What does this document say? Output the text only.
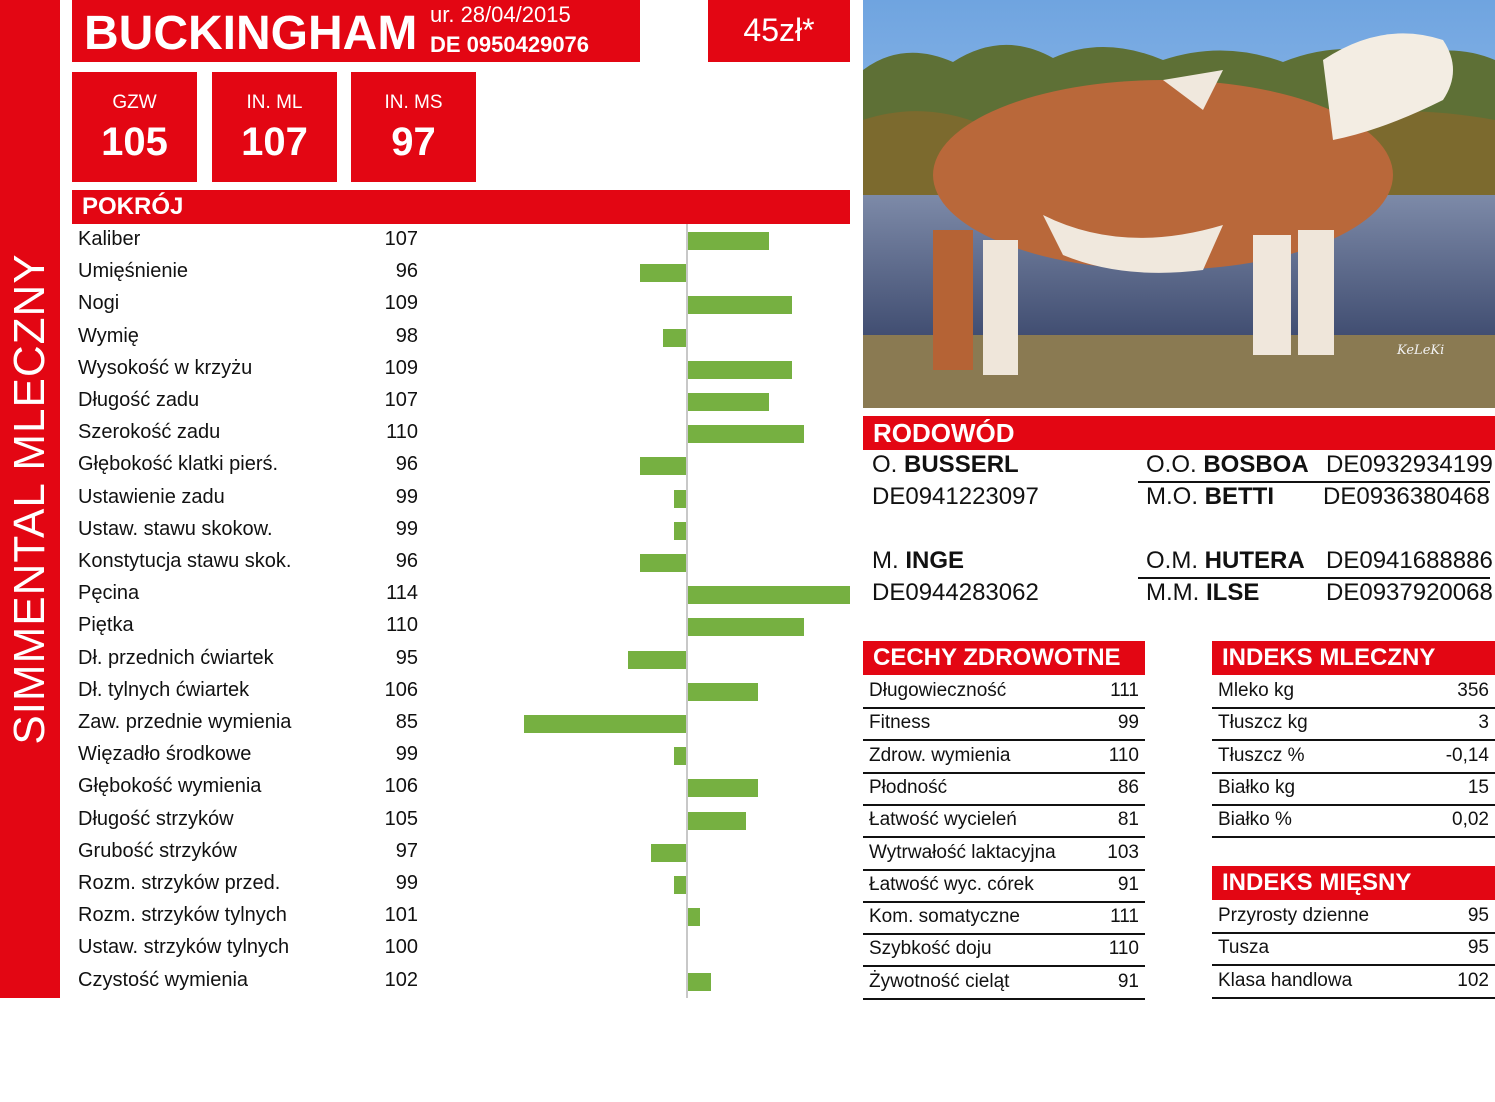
SIMMENTAL MLECZNY
BUCKINGHAM ur. 28/04/2015
DE 0950429076	45zł*
GZW
105
IN. ML
107
IN. MS
97
POKRÓJ
Kaliber	107
Umięśnienie	96
Nogi	109
Wymię	98
Wysokość w krzyżu	109
Długość zadu	107
Szerokość zadu	110
Głębokość klatki pierś.	96
Ustawienie zadu	99
Ustaw. stawu skokow.	99
Konstytucja stawu skok.	96
Pęcina	114
Piętka	110
Dł. przednich ćwiartek	95
Dł. tylnych ćwiartek	106
Zaw. przednie wymienia	85
Więzadło środkowe	99
Głębokość wymienia	106
Długość strzyków	105
Grubość strzyków	97
Rozm. strzyków przed.	99
Rozm. strzyków tylnych	101
Ustaw. strzyków tylnych	100
Czystość wymienia	102
KeLeKi
RODOWÓD
O. BUSSERL
DE0941223097
M. INGE
DE0944283062
O.O. BOSBOA DE0932934199
M.O. BETTI DE0936380468
O.M. HUTERA DE0941688886
M.M. ILSE	DE0937920068
CECHY ZDROWOTNE
Długowieczność	111
Fitness	99
Zdrow. wymienia	110
Płodność	86
Łatwość wycieleń	81
Wytrwałość laktacyjna	103
Łatwość wyc. córek	91
Kom. somatyczne	111
Szybkość doju	110
Żywotność cieląt	91
INDEKS MLECZNY
Mleko kg	356
Tłuszcz kg	3
Tłuszcz %	-0,14
Białko kg	15
Białko %	0,02
INDEKS MIĘSNY
Przyrosty dzienne	95
Tusza	95
Klasa handlowa	102
